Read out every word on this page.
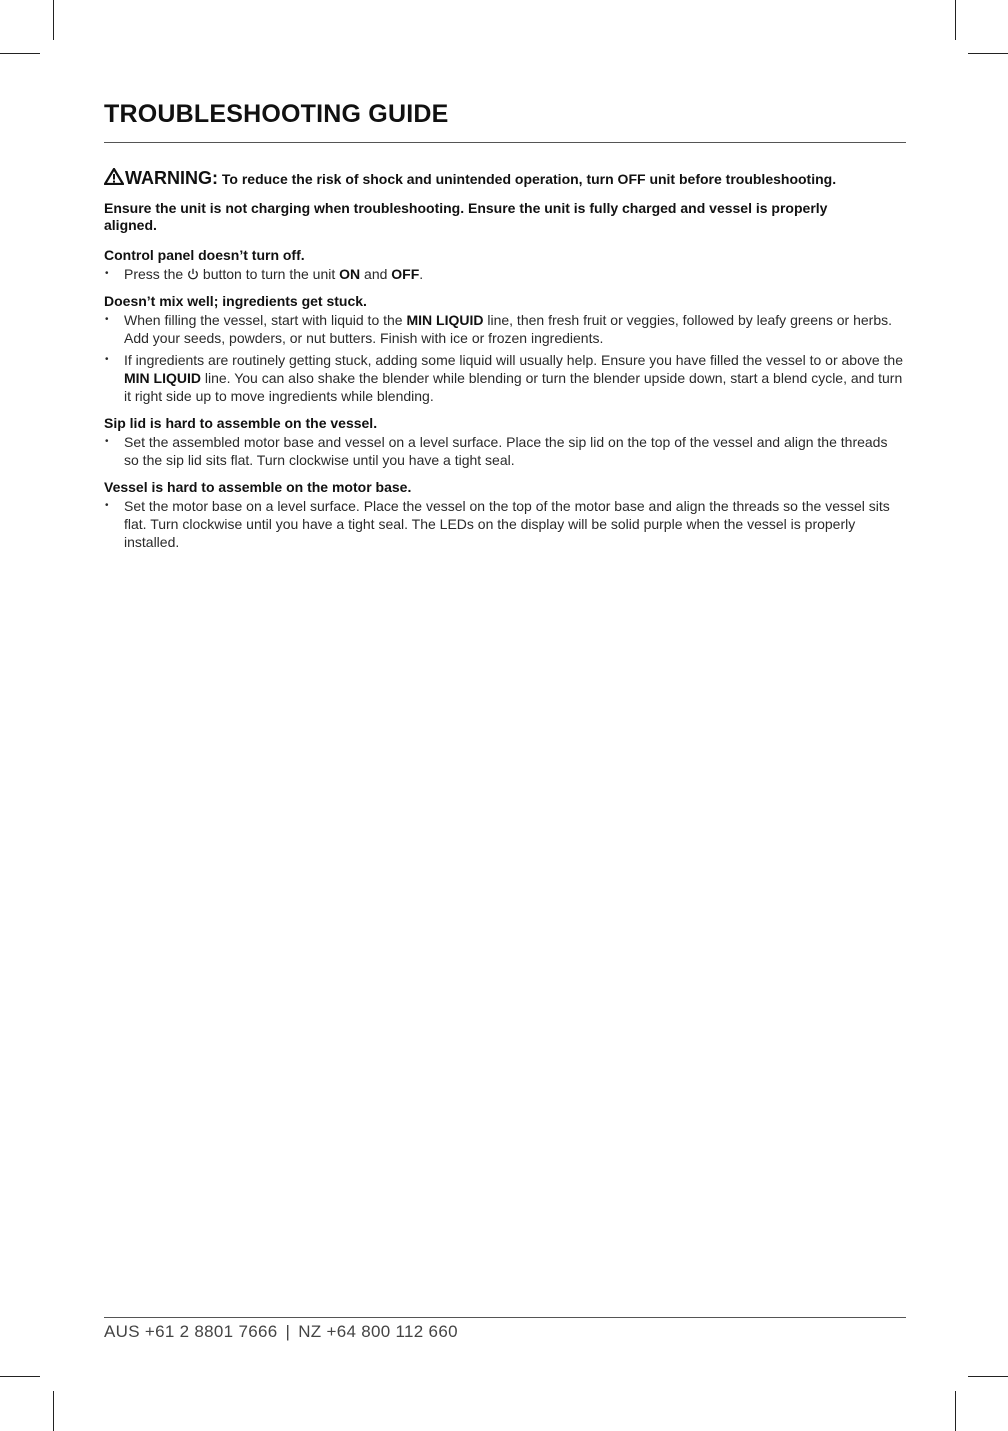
TROUBLESHOOTING GUIDE

WARNING: To reduce the risk of shock and unintended operation, turn OFF unit before troubleshooting.

Ensure the unit is not charging when troubleshooting. Ensure the unit is fully charged and vessel is properly aligned.

Control panel doesn’t turn off.
• Press the button to turn the unit ON and OFF.
Doesn’t mix well; ingredients get stuck.
• When filling the vessel, start with liquid to the MIN LIQUID line, then fresh fruit or veggies, followed by leafy greens or herbs. Add your seeds, powders, or nut butters. Finish with ice or frozen ingredients.
• If ingredients are routinely getting stuck, adding some liquid will usually help. Ensure you have filled the vessel to or above the MIN LIQUID line. You can also shake the blender while blending or turn the blender upside down, start a blend cycle, and turn it right side up to move ingredients while blending.
Sip lid is hard to assemble on the vessel.
• Set the assembled motor base and vessel on a level surface. Place the sip lid on the top of the vessel and align the threads so the sip lid sits flat. Turn clockwise until you have a tight seal.
Vessel is hard to assemble on the motor base.
• Set the motor base on a level surface. Place the vessel on the top of the motor base and align the threads so the vessel sits flat. Turn clockwise until you have a tight seal. The LEDs on the display will be solid purple when the vessel is properly installed.
AUS +61 2 8801 7666 | NZ +64 800 112 660
